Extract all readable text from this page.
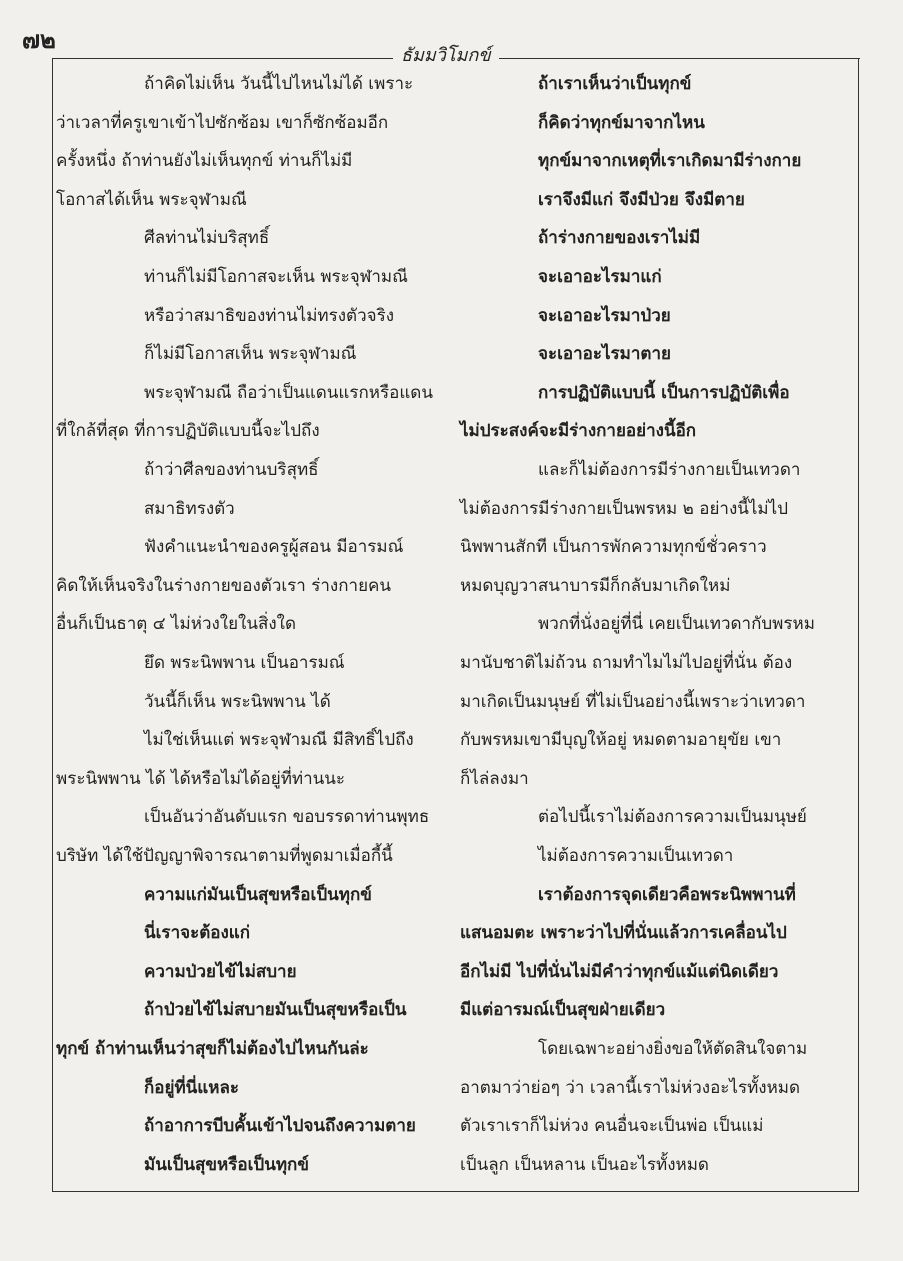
๗๒
ธัมมวิโมกข์
ถ้าคิดไม่เห็น วันนี้ไปไหนไม่ได้ เพราะ
ว่าเวลาที่ครูเขาเข้าไปซักซ้อม เขาก็ซักซ้อมอีก
ครั้งหนึ่ง ถ้าท่านยังไม่เห็นทุกข์ ท่านก็ไม่มี
โอกาสได้เห็น พระจุฬามณี
ศีลท่านไม่บริสุทธิ์
ท่านก็ไม่มีโอกาสจะเห็น พระจุฬามณี
หรือว่าสมาธิของท่านไม่ทรงตัวจริง
ก็ไม่มีโอกาสเห็น พระจุฬามณี
พระจุฬามณี ถือว่าเป็นแดนแรกหรือแดน
ที่ใกล้ที่สุด ที่การปฏิบัติแบบนี้จะไปถึง
ถ้าว่าศีลของท่านบริสุทธิ์
สมาธิทรงตัว
ฟังคำแนะนำของครูผู้สอน มีอารมณ์
คิดให้เห็นจริงในร่างกายของตัวเรา ร่างกายคน
อื่นก็เป็นธาตุ ๔ ไม่ห่วงใยในสิ่งใด
ยึด พระนิพพาน เป็นอารมณ์
วันนี้ก็เห็น พระนิพพาน ได้
ไม่ใช่เห็นแต่ พระจุฬามณี มีสิทธิ์ไปถึง
พระนิพพาน ได้ ได้หรือไม่ได้อยู่ที่ท่านนะ
เป็นอันว่าอันดับแรก ขอบรรดาท่านพุทธ
บริษัท ได้ใช้ปัญญาพิจารณาตามที่พูดมาเมื่อกี้นี้
ความแก่มันเป็นสุขหรือเป็นทุกข์
นี่เราจะต้องแก่
ความป่วยไข้ไม่สบาย
ถ้าป่วยไข้ไม่สบายมันเป็นสุขหรือเป็น
ทุกข์ ถ้าท่านเห็นว่าสุขก็ไม่ต้องไปไหนกันล่ะ
ก็อยู่ที่นี่แหละ
ถ้าอาการบีบคั้นเข้าไปจนถึงความตาย
มันเป็นสุขหรือเป็นทุกข์
ถ้าเราเห็นว่าเป็นทุกข์
ก็คิดว่าทุกข์มาจากไหน
ทุกข์มาจากเหตุที่เราเกิดมามีร่างกาย
เราจึงมีแก่ จึงมีป่วย จึงมีตาย
ถ้าร่างกายของเราไม่มี
จะเอาอะไรมาแก่
จะเอาอะไรมาป่วย
จะเอาอะไรมาตาย
การปฏิบัติแบบนี้ เป็นการปฏิบัติเพื่อ
ไม่ประสงค์จะมีร่างกายอย่างนี้อีก
และก็ไม่ต้องการมีร่างกายเป็นเทวดา
ไม่ต้องการมีร่างกายเป็นพรหม ๒ อย่างนี้ไม่ไป
นิพพานสักที เป็นการพักความทุกข์ชั่วคราว
หมดบุญวาสนาบารมีก็กลับมาเกิดใหม่
พวกที่นั่งอยู่ที่นี่ เคยเป็นเทวดากับพรหม
มานับชาติไม่ถ้วน ถามทำไมไม่ไปอยู่ที่นั่น ต้อง
มาเกิดเป็นมนุษย์ ที่ไม่เป็นอย่างนี้เพราะว่าเทวดา
กับพรหมเขามีบุญให้อยู่ หมดตามอายุขัย เขา
ก็ไล่ลงมา
ต่อไปนี้เราไม่ต้องการความเป็นมนุษย์
ไม่ต้องการความเป็นเทวดา
เราต้องการจุดเดียวคือพระนิพพานที่
แสนอมตะ เพราะว่าไปที่นั่นแล้วการเคลื่อนไป
อีกไม่มี ไปที่นั่นไม่มีคำว่าทุกข์แม้แต่นิดเดียว
มีแต่อารมณ์เป็นสุขฝ่ายเดียว
โดยเฉพาะอย่างยิ่งขอให้ตัดสินใจตาม
อาตมาว่าย่อๆ ว่า เวลานี้เราไม่ห่วงอะไรทั้งหมด
ตัวเราเราก็ไม่ห่วง คนอื่นจะเป็นพ่อ เป็นแม่
เป็นลูก เป็นหลาน เป็นอะไรทั้งหมด
